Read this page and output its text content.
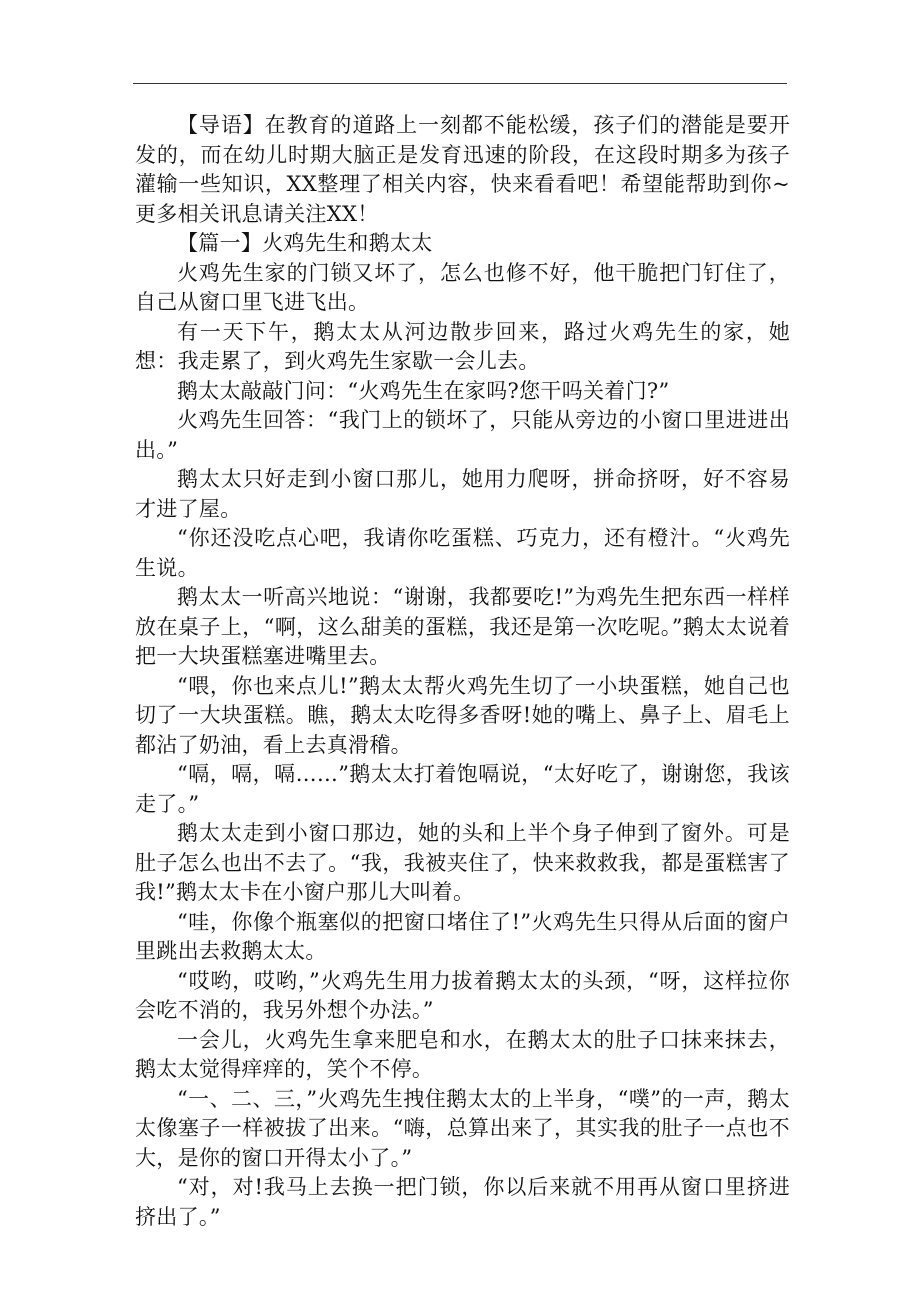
【导语】在教育的道路上一刻都不能松缓，孩子们的潜能是要开发的，而在幼儿时期大脑正是发育迅速的阶段，在这段时期多为孩子灌输一些知识，XX整理了相关内容，快来看看吧！希望能帮助到你~更多相关讯息请关注XX！

【篇一】火鸡先生和鹅太太

火鸡先生家的门锁又坏了，怎么也修不好，他干脆把门钉住了，自己从窗口里飞进飞出。

有一天下午，鹅太太从河边散步回来，路过火鸡先生的家，她想：我走累了，到火鸡先生家歇一会儿去。

鹅太太敲敲门问：“火鸡先生在家吗?您干吗关着门?”

火鸡先生回答：“我门上的锁坏了，只能从旁边的小窗口里进进出出。”

鹅太太只好走到小窗口那儿，她用力爬呀，拼命挤呀，好不容易才进了屋。

“你还没吃点心吧，我请你吃蛋糕、巧克力，还有橙汁。“火鸡先生说。

鹅太太一听高兴地说：“谢谢，我都要吃!”为鸡先生把东西一样样放在桌子上，“啊，这么甜美的蛋糕，我还是第一次吃呢。”鹅太太说着把一大块蛋糕塞进嘴里去。

“喂，你也来点儿!”鹅太太帮火鸡先生切了一小块蛋糕，她自己也切了一大块蛋糕。瞧，鹅太太吃得多香呀!她的嘴上、鼻子上、眉毛上都沾了奶油，看上去真滑稽。

“嗝，嗝，嗝……”鹅太太打着饱嗝说，“太好吃了，谢谢您，我该走了。”

鹅太太走到小窗口那边，她的头和上半个身子伸到了窗外。可是肚子怎么也出不去了。“我，我被夹住了，快来救救我，都是蛋糕害了我!”鹅太太卡在小窗户那儿大叫着。

“哇，你像个瓶塞似的把窗口堵住了!”火鸡先生只得从后面的窗户里跳出去救鹅太太。

“哎哟，哎哟，”火鸡先生用力拔着鹅太太的头颈，“呀，这样拉你会吃不消的，我另外想个办法。”

一会儿，火鸡先生拿来肥皂和水，在鹅太太的肚子口抹来抹去，鹅太太觉得痒痒的，笑个不停。

“一、二、三，”火鸡先生拽住鹅太太的上半身，“噗”的一声，鹅太太像塞子一样被拔了出来。“嗨，总算出来了，其实我的肚子一点也不大，是你的窗口开得太小了。”

“对，对!我马上去换一把门锁，你以后来就不用再从窗口里挤进挤出了。”
